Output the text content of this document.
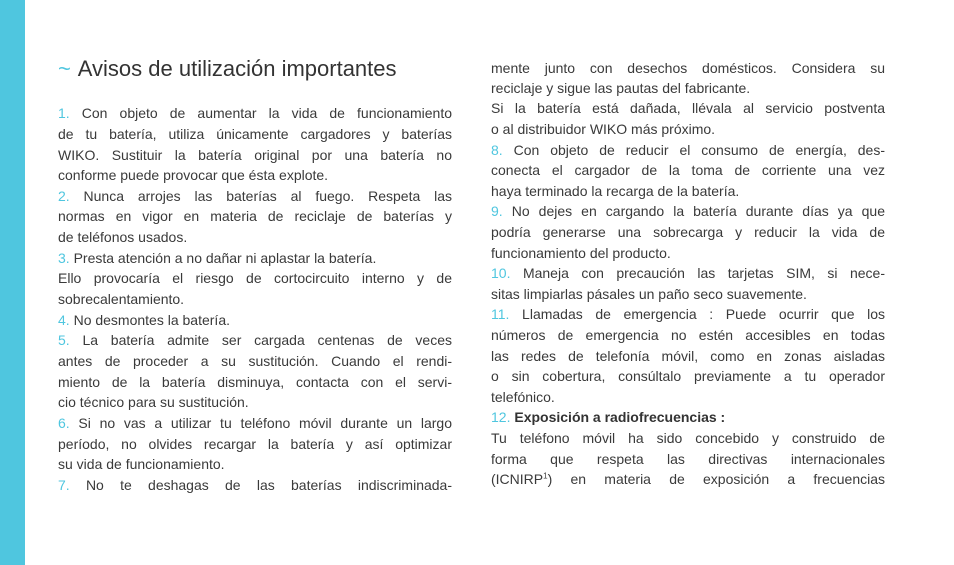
~ Avisos de utilización importantes
1. Con objeto de aumentar la vida de funcionamiento
de tu batería, utiliza únicamente cargadores y baterías
WIKO. Sustituir la batería original por una batería no
conforme puede provocar que ésta explote.
2. Nunca arrojes las baterías al fuego. Respeta las
normas en vigor en materia de reciclaje de baterías y
de teléfonos usados.
3. Presta atención a no dañar ni aplastar la batería.
Ello provocaría el riesgo de cortocircuito interno y de
sobrecalentamiento.
4. No desmontes la batería.
5. La batería admite ser cargada centenas de veces
antes de proceder a su sustitución. Cuando el rendi-
miento de la batería disminuya, contacta con el servi-
cio técnico para su sustitución.
6. Si no vas a utilizar tu teléfono móvil durante un largo
período, no olvides recargar la batería y así optimizar
su vida de funcionamiento.
7. No te deshagas de las baterías indiscriminada-
mente junto con desechos domésticos. Considera su
reciclaje y sigue las pautas del fabricante.
Si la batería está dañada, llévala al servicio postventa
o al distribuidor WIKO más próximo.
8. Con objeto de reducir el consumo de energía, des-
conecta el cargador de la toma de corriente una vez
haya terminado la recarga de la batería.
9. No dejes en cargando la batería durante días ya que
podría generarse una sobrecarga y reducir la vida de
funcionamiento del producto.
10. Maneja con precaución las tarjetas SIM, si nece-
sitas limpiarlas pásales un paño seco suavemente.
11. Llamadas de emergencia : Puede ocurrir que los
números de emergencia no estén accesibles en todas
las redes de telefonía móvil, como en zonas aisladas
o sin cobertura, consúltalo previamente a tu operador
telefónico.
12. Exposición a radiofrecuencias :
Tu teléfono móvil ha sido concebido y construido de
forma que respeta las directivas internacionales
(ICNIRP$^1$) en materia de exposición a frecuencias
